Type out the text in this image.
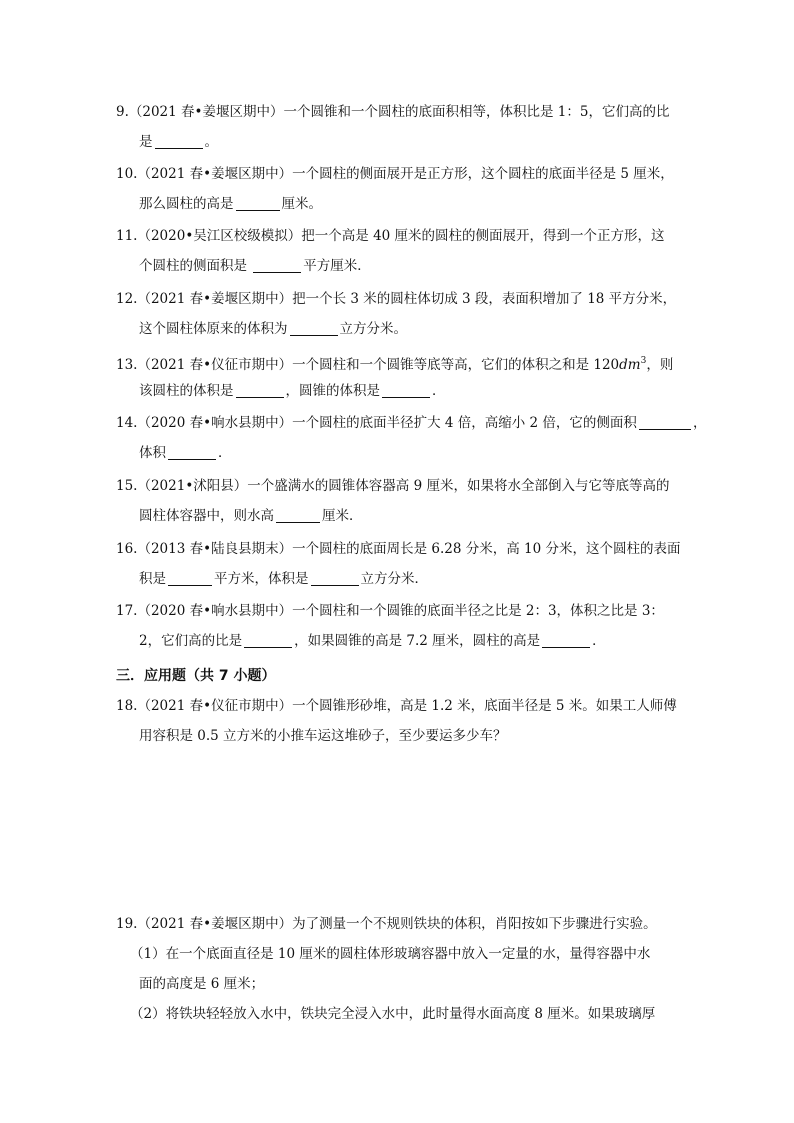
9.（2021 春•姜堰区期中）一个圆锥和一个圆柱的底面积相等，体积比是 1：5，它们高的比
是	。
10.（2021 春•姜堰区期中）一个圆柱的侧面展开是正方形，这个圆柱的底面半径是 5 厘米，
那么圆柱的高是	厘米。
11.（2020•吴江区校级模拟）把一个高是 40 厘米的圆柱的侧面展开，得到一个正方形，这
个圆柱的侧面积是	平方厘米．
12.（2021 春•姜堰区期中）把一个长 3 米的圆柱体切成 3 段，表面积增加了 18 平方分米，
这个圆柱体原来的体积为	立方分米。
13.（2021 春•仪征市期中）一个圆柱和一个圆锥等底等高，它们的体积之和是 $120dm^3$，则
该圆柱的体积是	，圆锥的体积是	．
14.（2020 春•响水县期中）一个圆柱的底面半径扩大 4 倍，高缩小 2 倍，它的侧面积	，
体积	．
15.（2021•沭阳县）一个盛满水的圆锥体容器高 9 厘米，如果将水全部倒入与它等底等高的
圆柱体容器中，则水高	厘米．
16.（2013 春•陆良县期末）一个圆柱的底面周长是 6.28 分米，高 10 分米，这个圆柱的表面
积是	平方米，体积是	立方分米．
17.（2020 春•响水县期中）一个圆柱和一个圆锥的底面半径之比是 2：3，体积之比是 3：
2，它们高的比是	，如果圆锥的高是 7.2 厘米，圆柱的高是	．
三．应用题（共 7 小题）
18.（2021 春•仪征市期中）一个圆锥形砂堆，高是 1.2 米，底面半径是 5 米。如果工人师傅
用容积是 0.5 立方米的小推车运这堆砂子，至少要运多少车？
19.（2021 春•姜堰区期中）为了测量一个不规则铁块的体积，肖阳按如下步骤进行实验。
（1）在一个底面直径是 10 厘米的圆柱体形玻璃容器中放入一定量的水，量得容器中水
面的高度是 6 厘米；
（2）将铁块轻轻放入水中，铁块完全浸入水中，此时量得水面高度 8 厘米。如果玻璃厚
